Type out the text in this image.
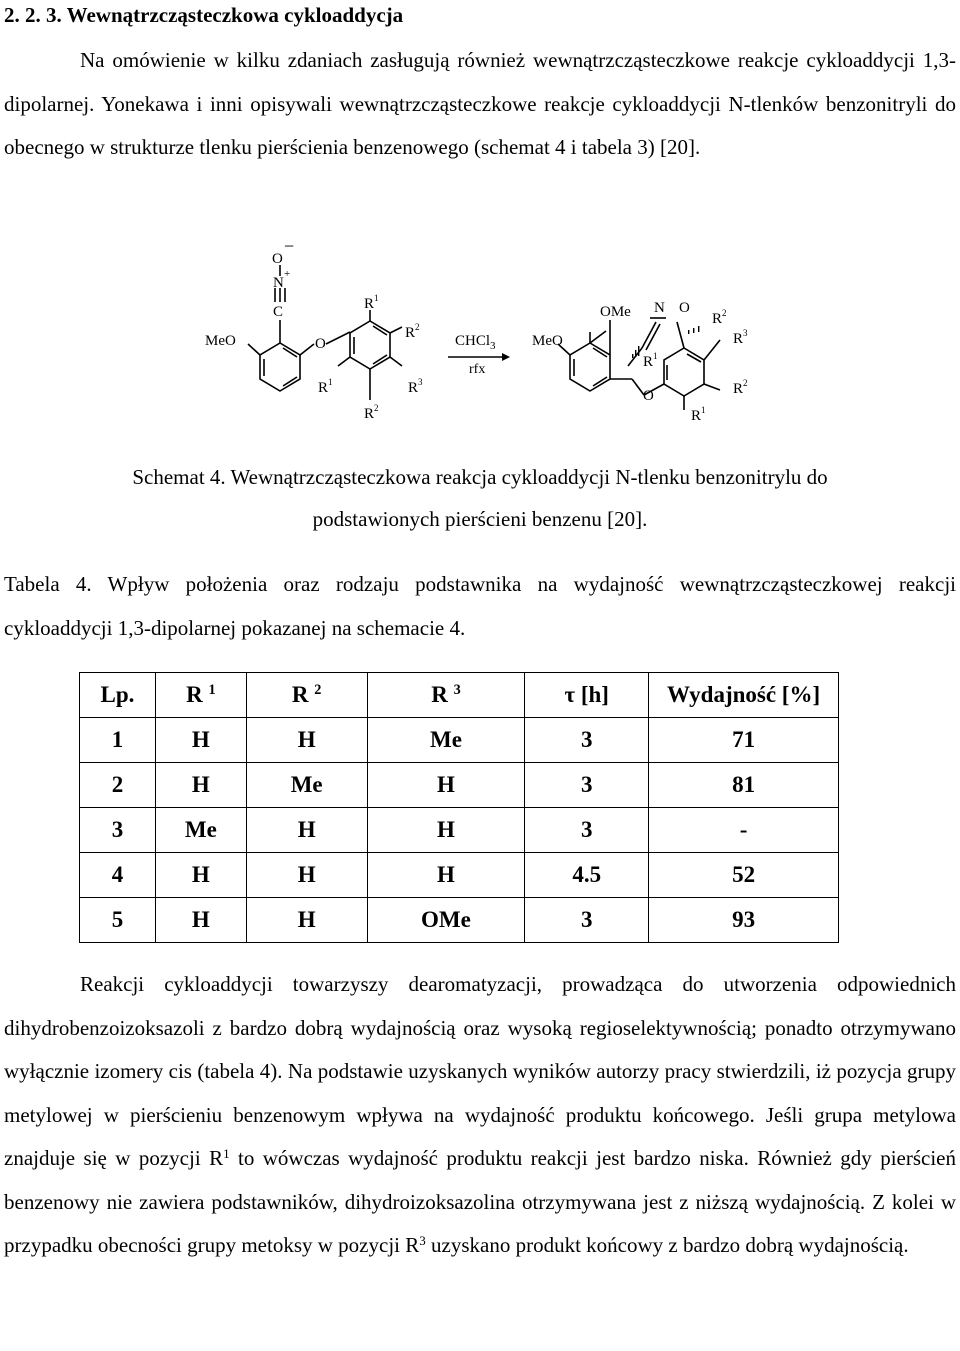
2. 2. 3. Wewnątrzcząsteczkowa cykloaddycja

Na omówienie w kilku zdaniach zasługują również wewnątrzcząsteczkowe reakcje cykloaddycji 1,3-dipolarnej. Yonekawa i inni opisywali wewnątrzcząsteczkowe reakcje cykloaddycji N-tlenków benzonitryli do obecnego w strukturze tlenku pierścienia benzenowego (schemat 4 i tabela 3) [20].

O
−
N
+
C
MeO	O
$R^1$
$R^2$
$R^1$	$R^3$
$R^2$
CHCl$_3$
rfx
MeO
OMe N O
O
$R^2$
$R^3$
$R^1$
$R^2$
$R^1$
Schemat 4. Wewnątrzcząsteczkowa reakcja cykloaddycji N-tlenku benzonitrylu do
podstawionych pierścieni benzenu [20].

Tabela 4. Wpływ położenia oraz rodzaju podstawnika na wydajność wewnątrzcząsteczkowej reakcji cykloaddycji 1,3-dipolarnej pokazanej na schemacie 4.

Lp.	R $^1$	R $^2$	R $^3$	τ [h]	Wydajność [%]
1	H	H	Me	3	71
2	H	Me	H	3	81
3	Me	H	H	3	-
4	H	H	H	4.5	52
5	H	H	OMe	3	93

Reakcji cykloaddycji towarzyszy dearomatyzacji, prowadząca do utworzenia odpowiednich dihydrobenzoizoksazoli z bardzo dobrą wydajnością oraz wysoką regioselektywnością; ponadto otrzymywano wyłącznie izomery cis (tabela 4). Na podstawie uzyskanych wyników autorzy pracy stwierdzili, iż pozycja grupy metylowej w pierścieniu benzenowym wpływa na wydajność produktu końcowego. Jeśli grupa metylowa znajduje się w pozycji $R^1$ to wówczas wydajność produktu reakcji jest bardzo niska. Również gdy pierścień benzenowy nie zawiera podstawników, dihydroizoksazolina otrzymywana jest z niższą wydajnością. Z kolei w przypadku obecności grupy metoksy w pozycji $R^3$ uzyskano produkt końcowy z bardzo dobrą wydajnością.
